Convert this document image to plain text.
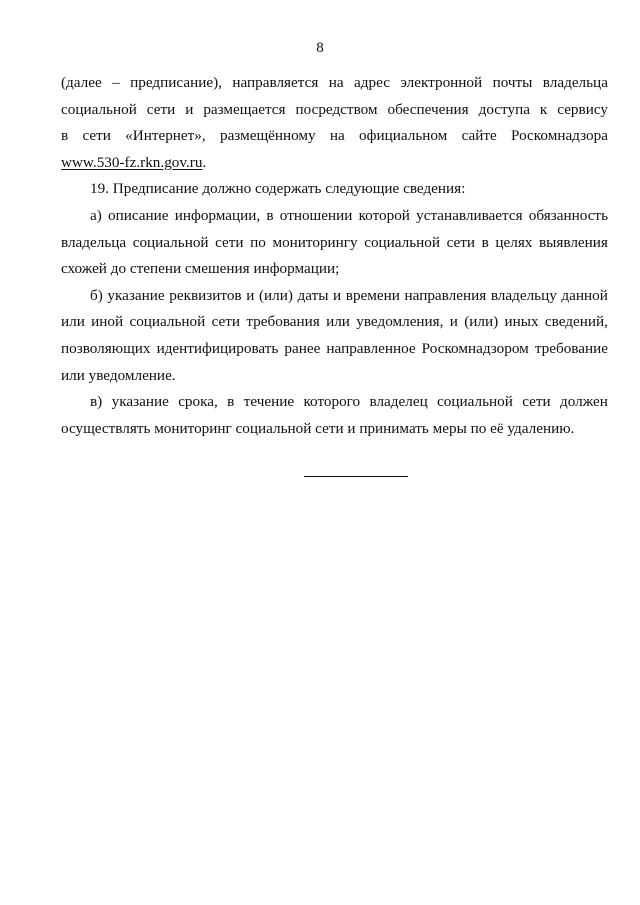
8
(далее – предписание), направляется на адрес электронной почты владельца
социальной сети и размещается посредством обеспечения доступа к сервису
в сети «Интернет», размещённому на официальном сайте Роскомнадзора
www.530-fz.rkn.gov.ru.
19. Предписание должно содержать следующие сведения:
а) описание информации, в отношении которой устанавливается обязанность
владельца социальной сети по мониторингу социальной сети в целях выявления
схожей до степени смешения информации;
б) указание реквизитов и (или) даты и времени направления владельцу данной
или иной социальной сети требования или уведомления, и (или) иных сведений,
позволяющих идентифицировать ранее направленное Роскомнадзором требование
или уведомление.
в) указание срока, в течение которого владелец социальной сети должен
осуществлять мониторинг социальной сети и принимать меры по её удалению.
